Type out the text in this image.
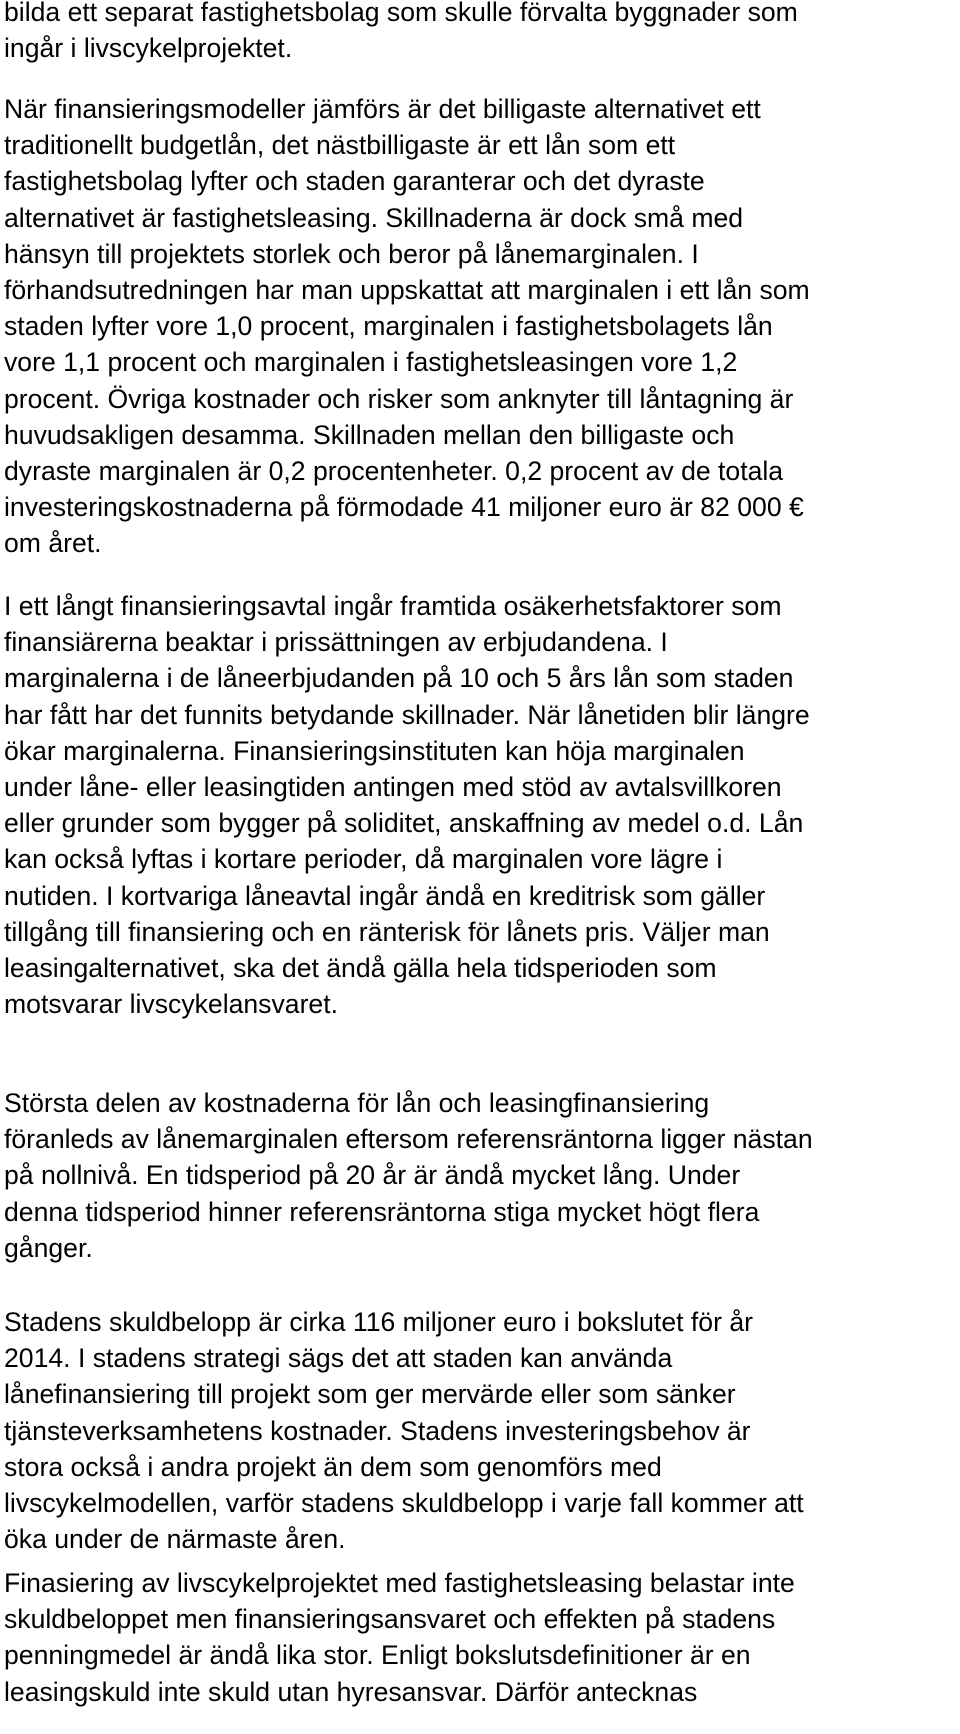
bilda ett separat fastighetsbolag som skulle förvalta byggnader som
ingår i livscykelprojektet.

När finansieringsmodeller jämförs är det billigaste alternativet ett
traditionellt budgetlån, det nästbilligaste är ett lån som ett
fastighetsbolag lyfter och staden garanterar och det dyraste
alternativet är fastighetsleasing. Skillnaderna är dock små med
hänsyn till projektets storlek och beror på lånemarginalen. I
förhandsutredningen har man uppskattat att marginalen i ett lån som
staden lyfter vore 1,0 procent, marginalen i fastighetsbolagets lån
vore 1,1 procent och marginalen i fastighetsleasingen vore 1,2
procent. Övriga kostnader och risker som anknyter till låntagning är
huvudsakligen desamma. Skillnaden mellan den billigaste och
dyraste marginalen är 0,2 procentenheter. 0,2 procent av de totala
investeringskostnaderna på förmodade 41 miljoner euro är 82 000 €
om året.

I ett långt finansieringsavtal ingår framtida osäkerhetsfaktorer som
finansiärerna beaktar i prissättningen av erbjudandena. I
marginalerna i de låneerbjudanden på 10 och 5 års lån som staden
har fått har det funnits betydande skillnader. När lånetiden blir längre
ökar marginalerna. Finansieringsinstituten kan höja marginalen
under låne- eller leasingtiden antingen med stöd av avtalsvillkoren
eller grunder som bygger på soliditet, anskaffning av medel o.d. Lån
kan också lyftas i kortare perioder, då marginalen vore lägre i
nutiden. I kortvariga låneavtal ingår ändå en kreditrisk som gäller
tillgång till finansiering och en ränterisk för lånets pris. Väljer man
leasingalternativet, ska det ändå gälla hela tidsperioden som
motsvarar livscykelansvaret.

Största delen av kostnaderna för lån och leasingfinansiering
föranleds av lånemarginalen eftersom referensräntorna ligger nästan
på nollnivå. En tidsperiod på 20 år är ändå mycket lång. Under
denna tidsperiod hinner referensräntorna stiga mycket högt flera
gånger.

Stadens skuldbelopp är cirka 116 miljoner euro i bokslutet för år
2014. I stadens strategi sägs det att staden kan använda
lånefinansiering till projekt som ger mervärde eller som sänker
tjänsteverksamhetens kostnader. Stadens investeringsbehov är
stora också i andra projekt än dem som genomförs med
livscykelmodellen, varför stadens skuldbelopp i varje fall kommer att
öka under de närmaste åren.

Finasiering av livscykelprojektet med fastighetsleasing belastar inte
skuldbeloppet men finansieringsansvaret och effekten på stadens
penningmedel är ändå lika stor. Enligt bokslutsdefinitioner är en
leasingskuld inte skuld utan hyresansvar. Därför antecknas
